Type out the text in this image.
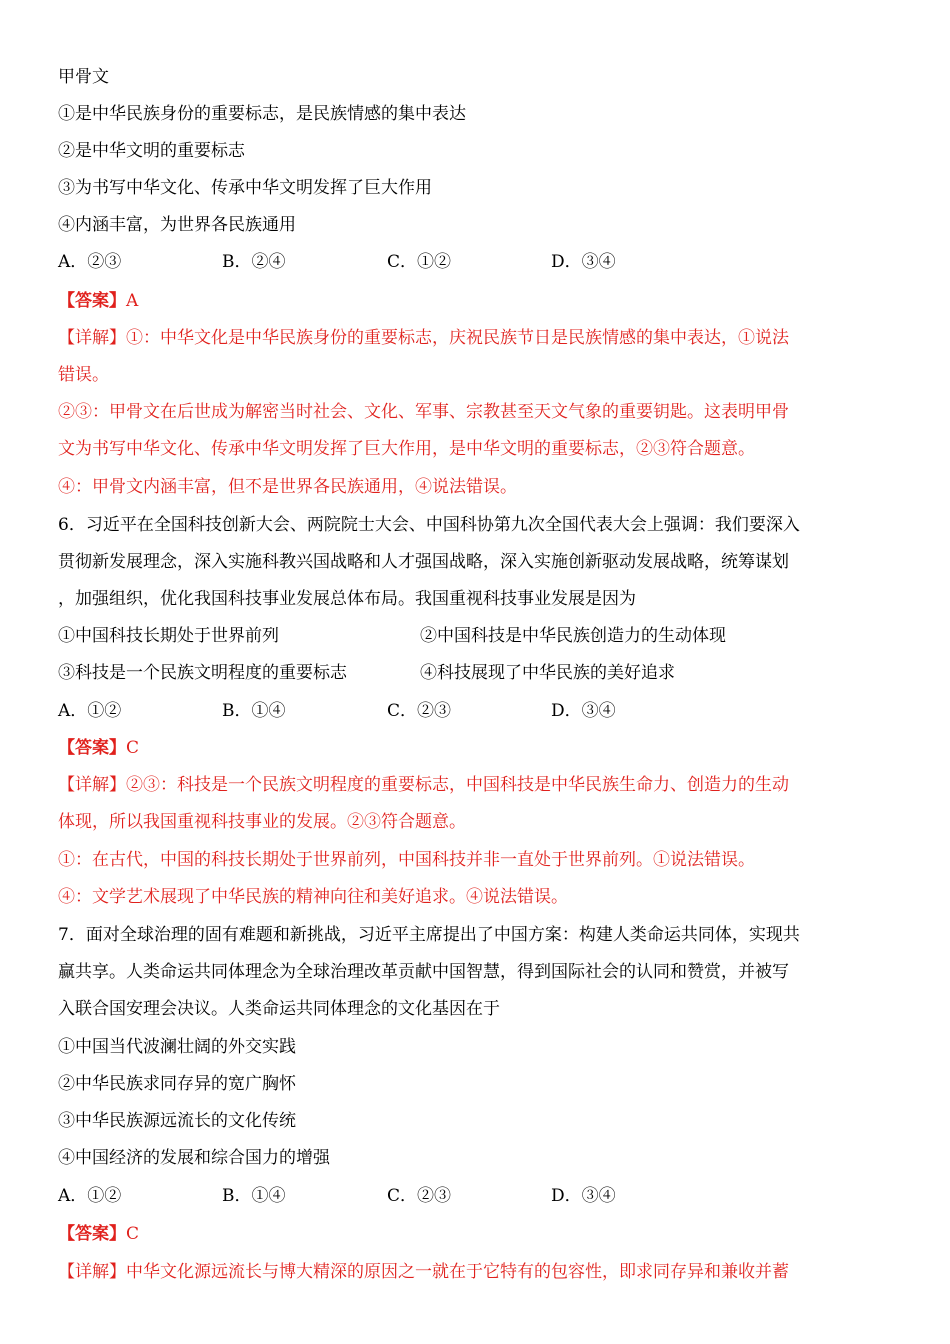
甲骨文
①是中华民族身份的重要标志，是民族情感的集中表达
②是中华文明的重要标志
③为书写中华文化、传承中华文明发挥了巨大作用
④内涵丰富，为世界各民族通用
A．②③	B．②④	C．①②	D．③④
【答案】A
【详解】①：中华文化是中华民族身份的重要标志，庆祝民族节日是民族情感的集中表达，①说法
错误。
②③：甲骨文在后世成为解密当时社会、文化、军事、宗教甚至天文气象的重要钥匙。这表明甲骨
文为书写中华文化、传承中华文明发挥了巨大作用，是中华文明的重要标志，②③符合题意。
④：甲骨文内涵丰富，但不是世界各民族通用，④说法错误。
6．习近平在全国科技创新大会、两院院士大会、中国科协第九次全国代表大会上强调：我们要深入
贯彻新发展理念，深入实施科教兴国战略和人才强国战略，深入实施创新驱动发展战略，统筹谋划
，加强组织，优化我国科技事业发展总体布局。我国重视科技事业发展是因为
①中国科技长期处于世界前列	②中国科技是中华民族创造力的生动体现
③科技是一个民族文明程度的重要标志	④科技展现了中华民族的美好追求
A．①②	B．①④	C．②③	D．③④
【答案】C
【详解】②③：科技是一个民族文明程度的重要标志，中国科技是中华民族生命力、创造力的生动
体现，所以我国重视科技事业的发展。②③符合题意。
①：在古代，中国的科技长期处于世界前列，中国科技并非一直处于世界前列。①说法错误。
④：文学艺术展现了中华民族的精神向往和美好追求。④说法错误。
7．面对全球治理的固有难题和新挑战，习近平主席提出了中国方案：构建人类命运共同体，实现共
赢共享。人类命运共同体理念为全球治理改革贡献中国智慧，得到国际社会的认同和赞赏，并被写
入联合国安理会决议。人类命运共同体理念的文化基因在于
①中国当代波澜壮阔的外交实践
②中华民族求同存异的宽广胸怀
③中华民族源远流长的文化传统
④中国经济的发展和综合国力的增强
A．①②	B．①④	C．②③	D．③④
【答案】C
【详解】中华文化源远流长与博大精深的原因之一就在于它特有的包容性，即求同存异和兼收并蓄
